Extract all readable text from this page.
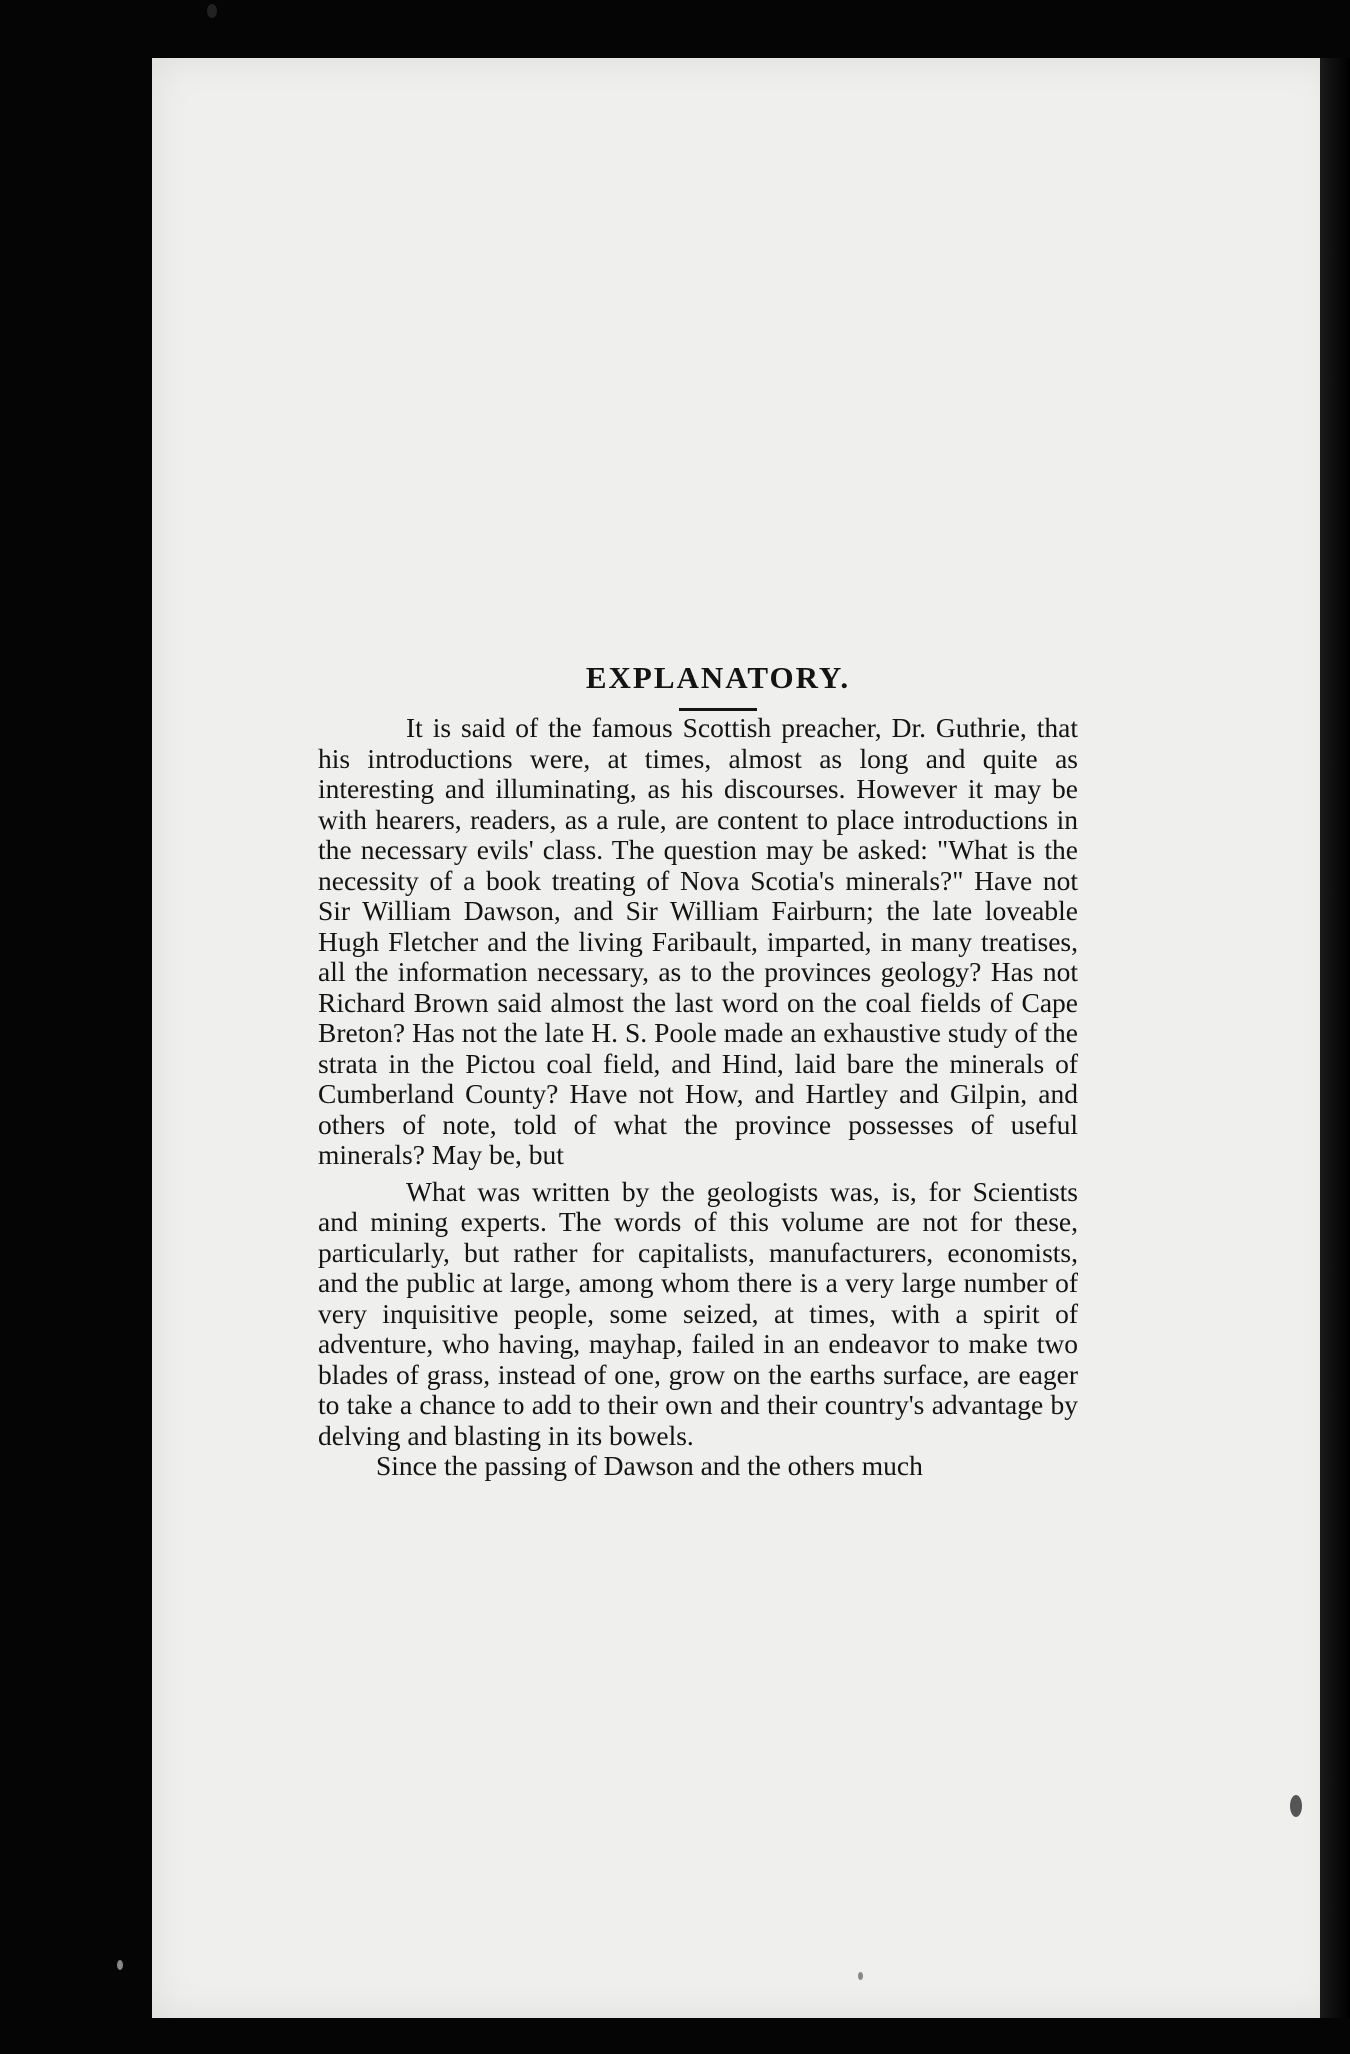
EXPLANATORY.

It is said of the famous Scottish preacher, Dr. Guthrie, that his introductions were, at times, almost as long and quite as interesting and illuminating, as his discourses. However it may be with hearers, readers, as a rule, are content to place introductions in the necessary evils' class. The question may be asked: "What is the necessity of a book treating of Nova Scotia's minerals?" Have not Sir William Dawson, and Sir William Fairburn; the late loveable Hugh Fletcher and the living Faribault, imparted, in many treatises, all the information necessary, as to the provinces geology? Has not Richard Brown said almost the last word on the coal fields of Cape Breton? Has not the late H. S. Poole made an exhaustive study of the strata in the Pictou coal field, and Hind, laid bare the minerals of Cumberland County? Have not How, and Hartley and Gilpin, and others of note, told of what the province possesses of useful minerals? May be, but

What was written by the geologists was, is, for Scientists and mining experts. The words of this volume are not for these, particularly, but rather for capitalists, manufacturers, economists, and the public at large, among whom there is a very large number of very inquisitive people, some seized, at times, with a spirit of adventure, who having, mayhap, failed in an endeavor to make two blades of grass, instead of one, grow on the earths surface, are eager to take a chance to add to their own and their country's advantage by delving and blasting in its bowels.

Since the passing of Dawson and the others much
